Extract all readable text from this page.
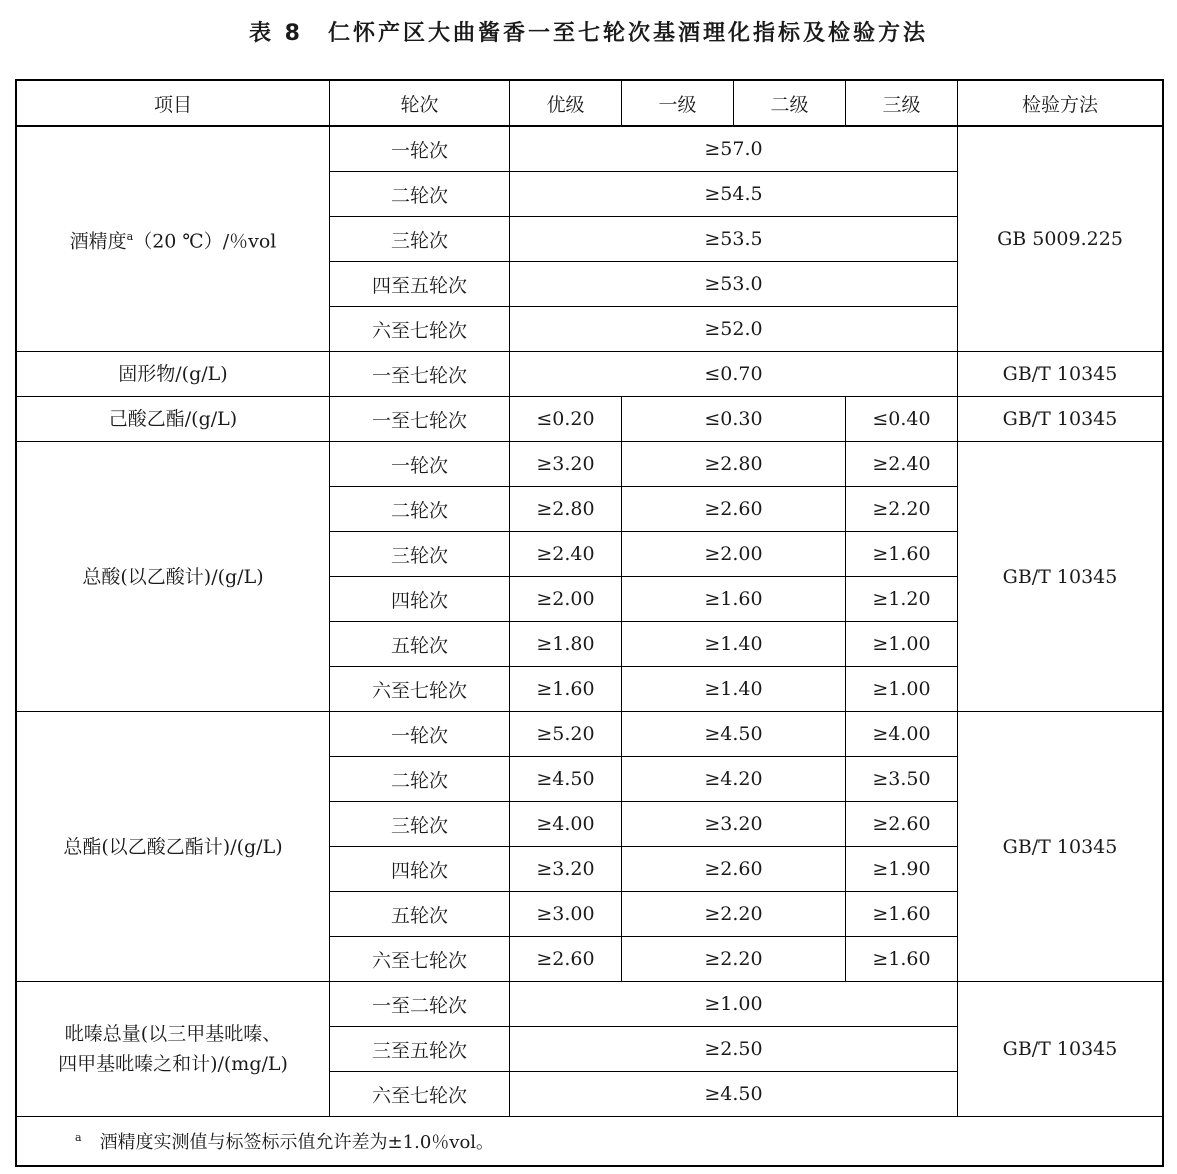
表 8　仁怀产区大曲酱香一至七轮次基酒理化指标及检验方法
项目	轮次	优级	一级	二级	三级	检验方法
酒精度$^a$（20 ℃）/％vol	一轮次	≥57.0				GB 5009.225
	二轮次	≥54.5				
	三轮次	≥53.5				
	四至五轮次	≥53.0				
	六至七轮次	≥52.0				
固形物/(g/L)	一至七轮次	≤0.70				GB/T 10345
己酸乙酯/(g/L)	一至七轮次	≤0.20	≤0.30		≤0.40	GB/T 10345
总酸(以乙酸计)/(g/L)	一轮次	≥3.20	≥2.80		≥2.40	GB/T 10345
	二轮次	≥2.80	≥2.60		≥2.20	
	三轮次	≥2.40	≥2.00		≥1.60	
	四轮次	≥2.00	≥1.60		≥1.20	
	五轮次	≥1.80	≥1.40		≥1.00	
	六至七轮次	≥1.60	≥1.40		≥1.00	
总酯(以乙酸乙酯计)/(g/L)	一轮次	≥5.20	≥4.50		≥4.00	GB/T 10345
	二轮次	≥4.50	≥4.20		≥3.50	
	三轮次	≥4.00	≥3.20		≥2.60	
	四轮次	≥3.20	≥2.60		≥1.90	
	五轮次	≥3.00	≥2.20		≥1.60	
	六至七轮次	≥2.60	≥2.20		≥1.60	

吡嗪总量(以三甲基吡嗪、
四甲基吡嗪之和计)/(mg/L)	一至二轮次	≥1.00				GB/T 10345
	三至五轮次	≥2.50				
	六至七轮次	≥4.50				
$^a$　 酒精度实测值与标签标示值允许差为±1.0％vol。						
